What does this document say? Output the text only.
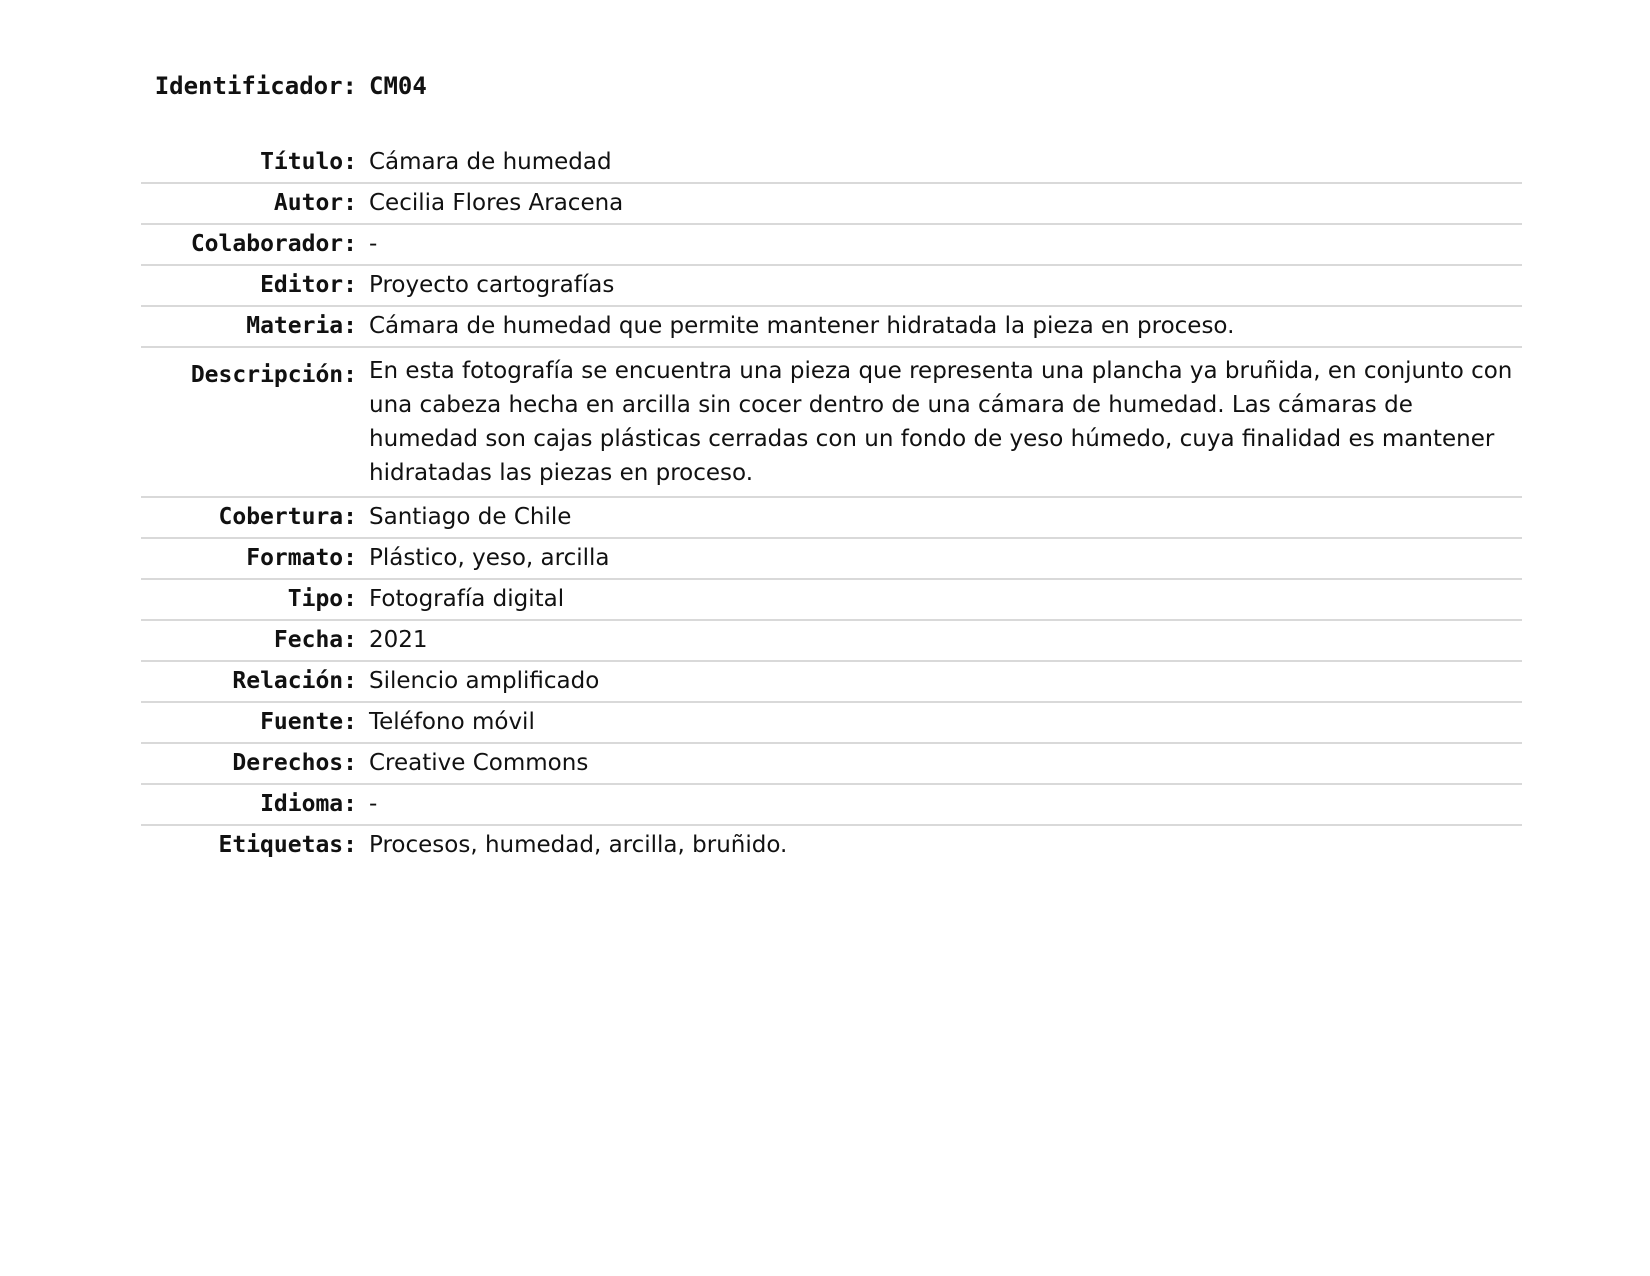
Identificador: CM04
Título:	Cámara de humedad
Autor:	Cecilia Flores Aracena
Colaborador:	-
Editor:	Proyecto cartografías
Materia:	Cámara de humedad que permite mantener hidratada la pieza en proceso.
Descripción:	En esta fotografía se encuentra una pieza que representa una plancha ya bruñida, en conjunto con una cabeza hecha en arcilla sin cocer dentro de una cámara de humedad. Las cámaras de humedad son cajas plásticas cerradas con un fondo de yeso húmedo, cuya finalidad es mantener hidratadas las piezas en proceso.
Cobertura:	Santiago de Chile
Formato:	Plástico, yeso, arcilla
Tipo:	Fotografía digital
Fecha:	2021
Relación:	Silencio amplificado
Fuente:	Teléfono móvil
Derechos:	Creative Commons
Idioma:	-
Etiquetas:	Procesos, humedad, arcilla, bruñido.
